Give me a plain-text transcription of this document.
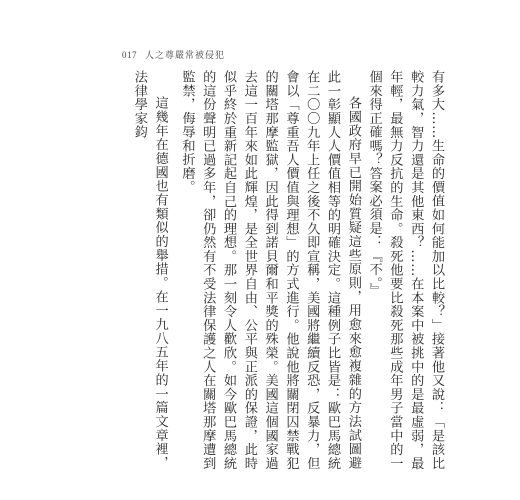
017 人之尊嚴常被侵犯

有多大……生命的價值如何能加以比較？」接著他又說：「是該比較力氣，智力還是其他東西？……在本案中被挑中的是最虛弱，最年輕，最無力反抗的生命。殺死他要比殺死那些成年男子當中的一個來得正確嗎？答案必須是：『不。』

各國政府早已開始質疑這些原則，用愈來愈複雜的方法試圖避此一彰顯人人價值相等的明確決定。這種例子比皆是：歐巴馬總統在二〇〇九年上任之後不久即宣稱，美國將繼續反恐，反暴力，但會以「尊重吾人價值與理想」的方式進行。他說他將關閉囚禁戰犯的關塔那摩監獄，因此得到諾貝爾和平獎的殊榮。美國這個國家過去這一百年來如此輝煌，是全世界自由、公平與正派的保證，此時似乎終於重新記起自己的理想。那一刻令人歡欣。如今歐巴馬總統的這份聲明已過多年，卻仍然有不受法律保護之人在關塔那摩遭到監禁，侮辱和折磨。

這幾年在德國也有類似的舉措。在一九八五年的一篇文章裡，法律學家鈞
